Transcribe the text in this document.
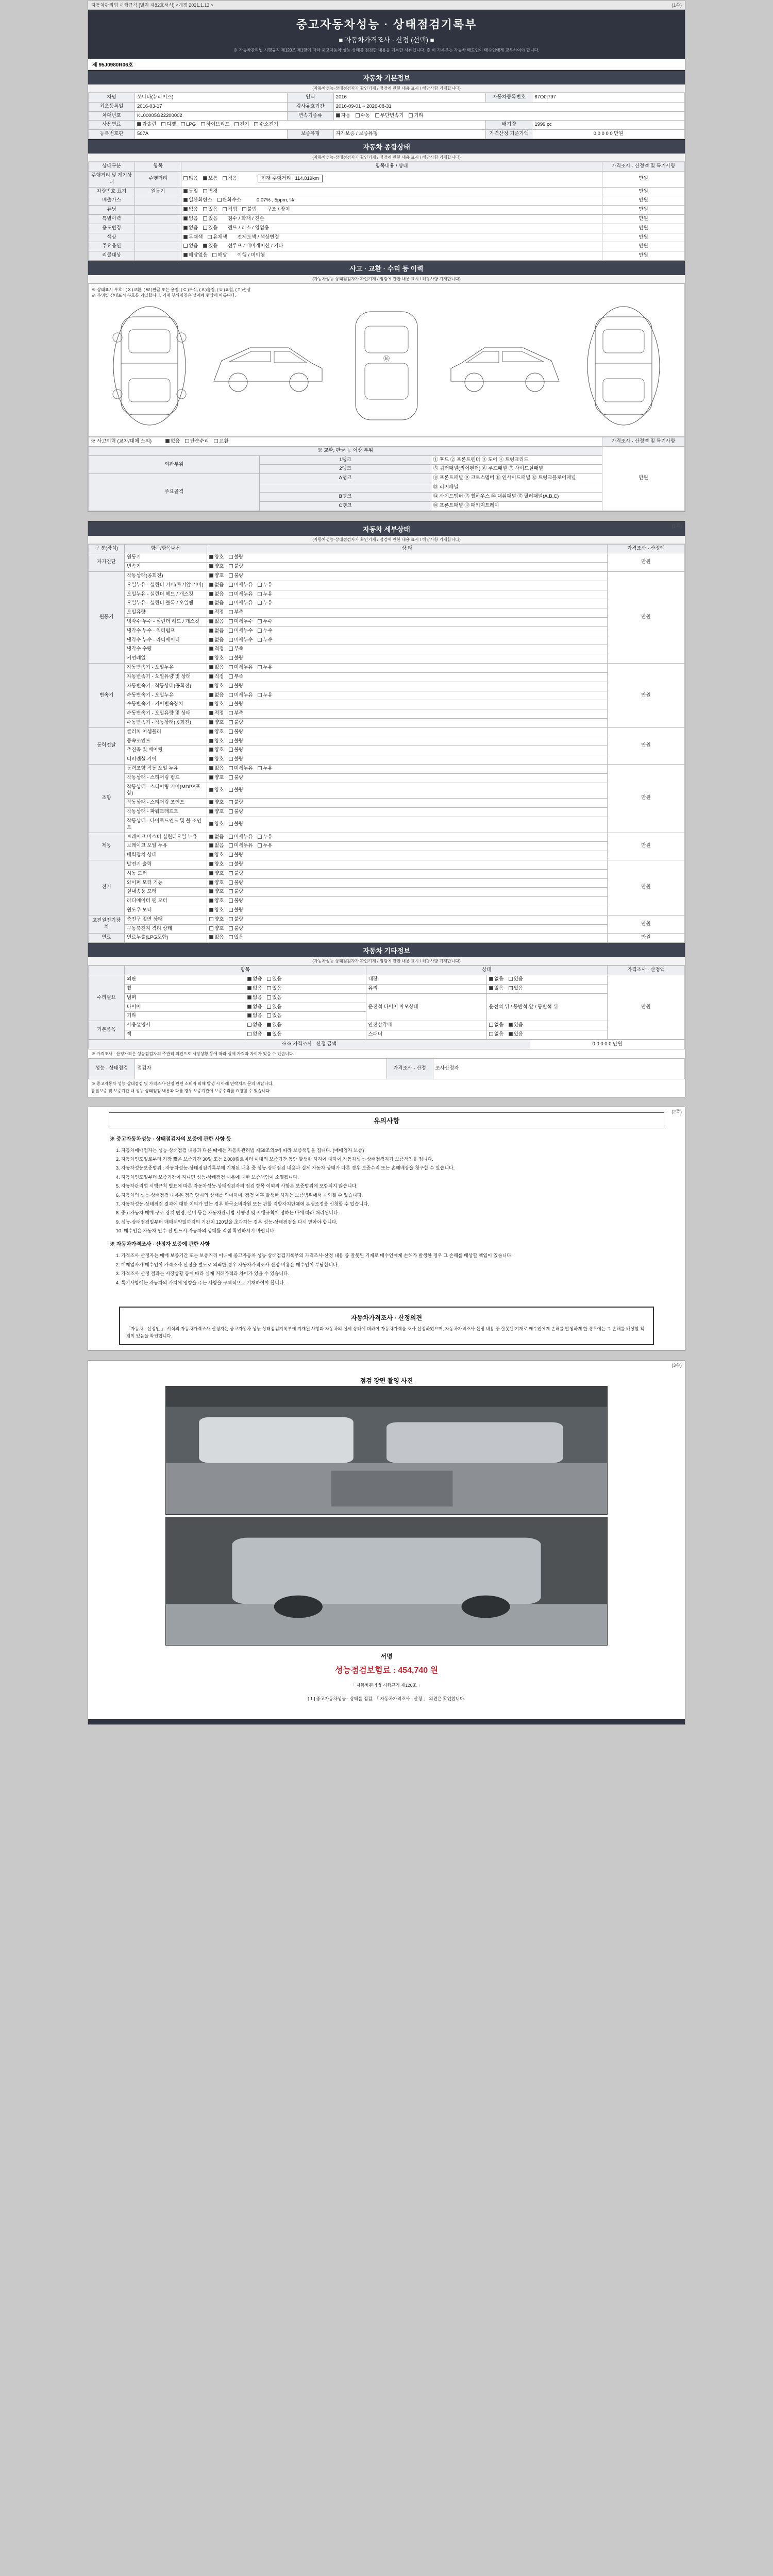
(1쪽)
자동차관리법 시행규칙 [별지 제82호서식] <개정 2021.1.13.>
중고자동차성능 · 상태점검기록부
■ 자동차가격조사 · 산정 (선택) ■
※ 자동차관리법 시행규칙 제120조 제1항에 따라 중고자동차 성능·상태를 점검한 내용을 기록한 서류입니다. ※ 이 기록부는 자동차 매도인이 매수인에게 교부하여야 합니다.
제 95J0980R06호
자동차 기본정보
(자동차성능·상태점검자가 확인기재 / 점검에 관한 내용 표시 / 해당사항 기재합니다)
차명	쏘나타(뉴라이즈)	연식	2016	자동차등록번호	67O0|797
최초등록일	2016-03-17	검사유효기간	2016-09-01 ~ 2026-08-31		
차대번호	KL00005G22200002	변속기종류	자동 수동 무단변속기 기타		
사용연료	가솔린 디젤 LPG 하이브리드 전기 수소전기			배기량	1999 cc
등록번호판	507A	보증유형	자가보증 / 보증유형	가격산정 기준가액	0 0 0 0 0 만원
자동차 종합상태
(자동차성능·상태점검자가 확인기재 / 점검에 관한 내용 표시 / 해당사항 기재합니다)
상태구분	항목	항목내용 / 상태	가격조사 · 산정액 및 특기사항
주행거리 및 계기상태	주행거리	많음 보통 적음 현재 주행거리 | 114,819km	만원
차량번호 표기	원동기	동일 변경	만원
배출가스		일산화탄소 탄화수소 0.07% , 5ppm, %	만원
튜닝		없음 있음 적법 불법 구조 / 장치	만원
특별이력		없음 있음 침수 / 화재 / 전손	만원
용도변경		없음 있음 렌트 / 리스 / 영업용	만원
색상		무채색 유채색 전체도색 / 색상변경	만원
주요옵션		없음 있음 선루프 / 내비게이션 / 기타	만원
리콜대상		해당없음 해당 이행 / 미이행	만원
사고 · 교환 · 수리 등 이력
(자동차성능·상태점검자가 확인기재 / 점검에 관한 내용 표시 / 해당사항 기재합니다)
※ 상태표시 부호 : ( X )교환, ( W )판금 또는 용접, ( C )부식, ( A )흠집, ( U )요철, ( T )손상
※ 부위별 상태표시 부호를 기입합니다. 기재 부위명칭은 설계에 형상에 따릅니다.
⑯
※ 사고이력 (교차/대체 소외) 없음 단순수리 교환			가격조사 · 산정액 및 특기사항
※ 교환, 판금 등 이상 부위			만원
외판부위	1랭크	① 후드 ② 프론트펜더 ③ 도어 ④ 트렁크리드	
	2랭크	⑤ 쿼터패널(리어펜더) ⑥ 루프패널 ⑦ 사이드실패널	
주요골격	A랭크	⑧ 프론트패널 ⑨ 크로스멤버 ⑪ 인사이드패널 ⑫ 트렁크플로어패널	
		⑬ 리어패널	
	B랭크	⑭ 사이드멤버 ⑮ 휠하우스 ⑯ 대쉬패널 ⑰ 필러패널(A,B,C)	
	C랭크	⑱ 프론트패널 ⑲ 패키지트레이	
(1쪽)
자동차 세부상태
(자동차성능·상태점검자가 확인기재 / 점검에 관한 내용 표시 / 해당사항 기재합니다)
구 분(장치)	항목/항목내용	상 태	가격조사 · 산정액
자가진단	원동기	양호 불량	만원
	변속기	양호 불량	
원동기	작동상태(공회전)	양호 불량	만원
	오일누유 - 실린더 커버(로커암 커버)	없음 미세누유 누유	
	오일누유 - 실린더 헤드 / 개스킷	없음 미세누유 누유	
	오일누유 - 실린더 블록 / 오일팬	없음 미세누유 누유	
	오일유량	적정 부족	
	냉각수 누수 - 실린더 헤드 / 개스킷	없음 미세누수 누수	
	냉각수 누수 - 워터펌프	없음 미세누수 누수	
	냉각수 누수 - 라디에이터	없음 미세누수 누수	
	냉각수 수량	적정 부족	
	커먼레일	양호 불량	
변속기	자동변속기 - 오일누유	없음 미세누유 누유	만원
	자동변속기 - 오일유량 및 상태	적정 부족	
	자동변속기 - 작동상태(공회전)	양호 불량	
	수동변속기 - 오일누유	없음 미세누유 누유	
	수동변속기 - 기어변속장치	양호 불량	
	수동변속기 - 오일유량 및 상태	적정 부족	
	수동변속기 - 작동상태(공회전)	양호 불량	
동력전달	클러치 어셈블리	양호 불량	만원
	등속조인트	양호 불량	
	추진축 및 베어링	양호 불량	
	디퍼렌셜 기어	양호 불량	
조향	동력조향 작동 오일 누유	없음 미세누유 누유	만원
	작동상태 - 스티어링 펌프	양호 불량	
	작동상태 - 스티어링 기어(MDPS포함)	양호 불량	
	작동상태 - 스티어링 조인트	양호 불량	
	작동상태 - 파워크래프트	양호 불량	
	작동상태 - 타이로드엔드 및 볼 조인트	양호 불량	
제동	브레이크 마스터 실린더오일 누유	없음 미세누유 누유	만원
	브레이크 오일 누유	없음 미세누유 누유	
	배력장치 상태	양호 불량	
전기	발전기 출력	양호 불량	만원
	시동 모터	양호 불량	
	와이퍼 모터 기능	양호 불량	
	실내송풍 모터	양호 불량	
	라디에이터 팬 모터	양호 불량	
	윈도우 모터	양호 불량	
고전원전기장치	충전구 절연 상태	양호 불량	만원
	구동축전지 격리 상태	양호 불량	
연료	연료누출(LPG포함)	없음 있음	만원
자동차 기타정보
(자동차성능·상태점검자가 확인기재 / 점검에 관한 내용 표시 / 해당사항 기재합니다)
	항목		상태		가격조사 · 산정액
수리필요	외판	없음 있음	내장	없음 있음	만원
	휠	없음 있음	유리	없음 있음	
	범퍼	없음 있음	운전석 타이어 마모상태	운전석 뒤 / 동반석 앞 / 동반석 뒤	

	타이어	없음 있음			
	기타	없음 있음			
기본품목	사용설명서	없음 있음	안전삼각대	없음 있음	
	잭	없음 있음	스패너	없음 있음	
※※ 가격조사 · 산정 금액	0 0 0 0 0 만원
※ 가격조사 · 산정가격은 성능점검자의 주관적 의견으로 시장상황 등에 따라 실제 가격과 차이가 있을 수 있습니다.
성능 · 상태점검	점검자	가격조사 · 산정	조사산정자
※ 중고자동차 성능·상태점검 및 가격조사·산정 관련 소비자 피해 발생 시 아래 연락처로 문의 바랍니다.
품질보증 및 보증기간 내 성능·상태점검 내용과 다를 경우 보증기관에 보증수리를 요청할 수 있습니다.
(2쪽)
유의사항
※ 중고자동차성능 · 상태점검자의 보증에 관한 사항 등

1. 자동차매매업자는 성능·상태점검 내용과 다른 때에는 자동차관리법 제58조의4에 따라 보증책임을 집니다. (매매업자 보증)

2. 자동차인도일로부터 가장 짧은 보증기간 30일 또는 2,000킬로미터 이내의 보증기간 동안 발생한 하자에 대하여 자동차성능·상태점검자가 보증책임을 집니다.

3. 자동차성능보증범위 : 자동차성능·상태점검기록부에 기재된 내용 중 성능·상태점검 내용과 실제 자동차 상태가 다른 경우 보증수리 또는 손해배상을 청구할 수 있습니다.

4. 자동차인도일부터 보증기간이 지나면 성능·상태점검 내용에 대한 보증책임이 소멸됩니다.

5. 자동차관리법 시행규칙 별표에 따른 자동차성능·상태점검자의 점검 항목 이외의 사항은 보증범위에 포함되지 않습니다.

6. 자동차의 성능·상태점검 내용은 점검 당시의 상태를 의미하며, 점검 이후 발생한 하자는 보증범위에서 제외될 수 있습니다.

7. 자동차성능·상태점검 결과에 대한 이의가 있는 경우 한국소비자원 또는 관할 지방자치단체에 분쟁조정을 신청할 수 있습니다.

8. 중고자동차 매매 구조·장치 변경, 설비 등은 자동차관리법 시행령 및 시행규칙이 정하는 바에 따라 처리됩니다.

9. 성능·상태점검일부터 매매계약일까지의 기간이 120일을 초과하는 경우 성능·상태점검을 다시 받아야 합니다.

10. 매수인은 자동차 인수 전 반드시 자동차의 상태를 직접 확인하시기 바랍니다.

※ 자동차가격조사 · 산정자 보증에 관한 사항

1. 가격조사·산정자는 매매 보증기간 또는 보증거리 이내에 중고자동차 성능·상태점검기록부의 가격조사·산정 내용 중 잘못된 기재로 매수인에게 손해가 발생한 경우 그 손해를 배상할 책임이 있습니다.

2. 매매업자가 매수인이 가격조사·산정을 별도로 의뢰한 경우 자동차가격조사·산정 비용은 매수인이 부담합니다.

3. 가격조사·산정 결과는 시장상황 등에 따라 실제 거래가격과 차이가 있을 수 있습니다.

4. 특기사항에는 자동차의 가치에 영향을 주는 사항을 구체적으로 기재하여야 합니다.

자동차가격조사 · 산정의견
「자동차 · 산정인 」 서식의 자동차가격조사·산정자는 중고자동차 성능·상태점검기록부에 기재된 사항과 자동차의 실제 상태에 대하여 자동차가격을 조사·산정하였으며, 자동차가격조사·산정 내용 중 잘못된 기재로 매수인에게 손해를 발생하게 한 경우에는 그 손해를 배상할 책임이 있음을 확인합니다.
(3쪽)
점검 장면 촬영 사진
서명
성능점검보험료 : 454,740 원
「 자동차관리법 시행규칙 제120조 」
[ 1 ] 중고자동차성능 · 상태를 점검, 「 자동차가격조사 · 산정 」 의견은 확인합니다.
